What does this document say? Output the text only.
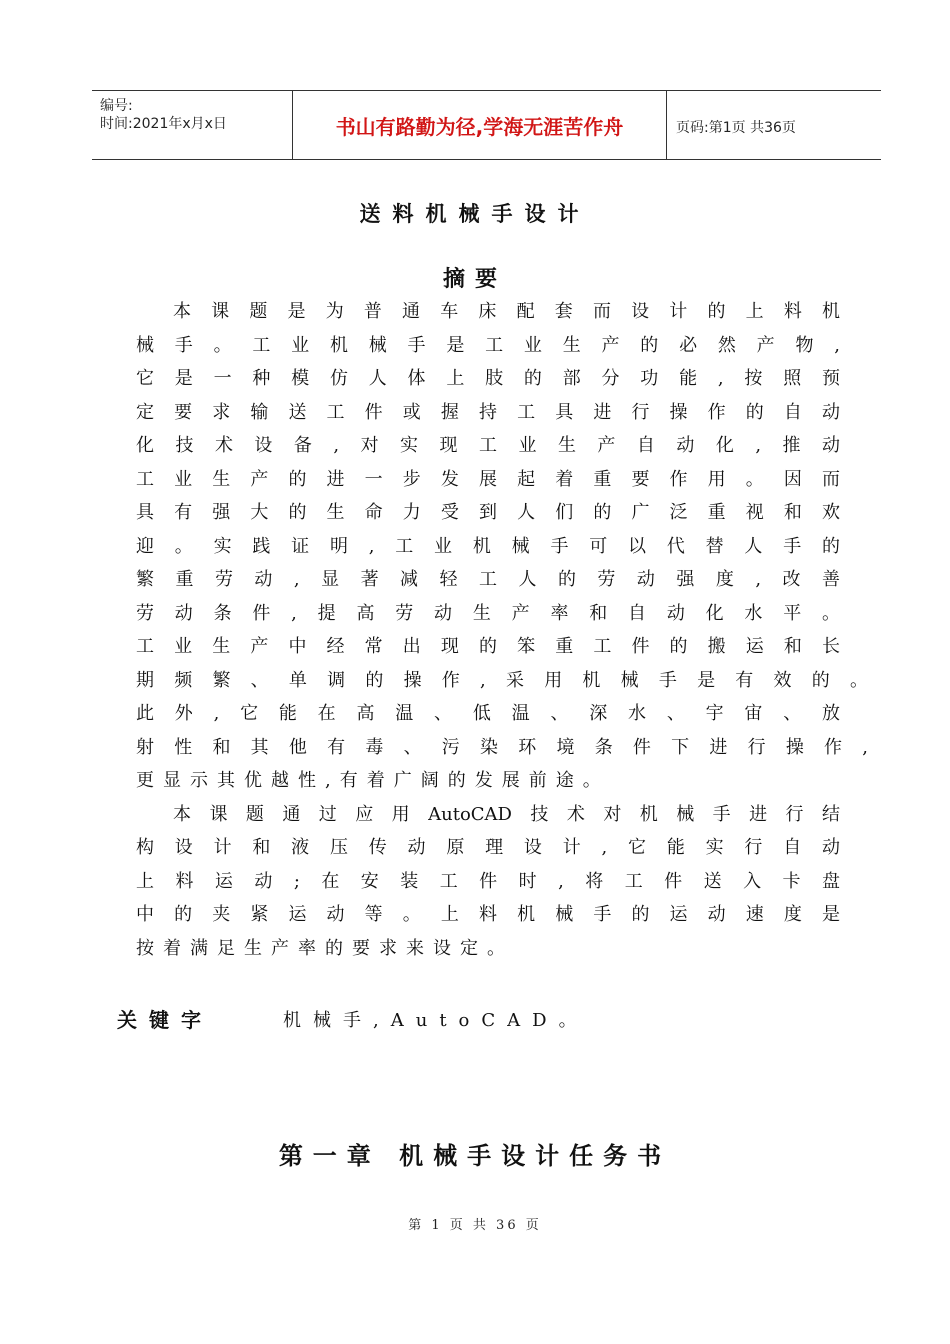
编号:
时间:2021年x月x日	书山有路勤为径,学海无涯苦作舟	页码:第1页 共36页
送料机械手设计
摘要
本课题是为普通车床配套而设计的上料机
械手。工业机械手是工业生产的必然产物,
它是一种模仿人体上肢的部分功能,按照预
定要求输送工件或握持工具进行操作的自动
化技术设备,对实现工业生产自动化,推动
工业生产的进一步发展起着重要作用。因而
具有强大的生命力受到人们的广泛重视和欢
迎。实践证明,工业机械手可以代替人手的
繁重劳动,显著减轻工人的劳动强度,改善
劳动条件,提高劳动生产率和自动化水平。
工业生产中经常出现的笨重工件的搬运和长
期频繁、单调的操作,采用机械手是有效的。
此外,它能在高温、低温、深水、宇宙、放
射性和其他有毒、污染环境条件下进行操作,
更显示其优越性,有着广阔的发展前途。
本课题通过应用AutoCAD技术对机械手进行结
构设计和液压传动原理设计,它能实行自动
上料运动;在安装工件时,将工件送入卡盘
中的夹紧运动等。上料机械手的运动速度是
按着满足生产率的要求来设定。
关键字	机械手,AutoCAD。
第一章 机械手设计任务书
第 1 页 共 36 页
